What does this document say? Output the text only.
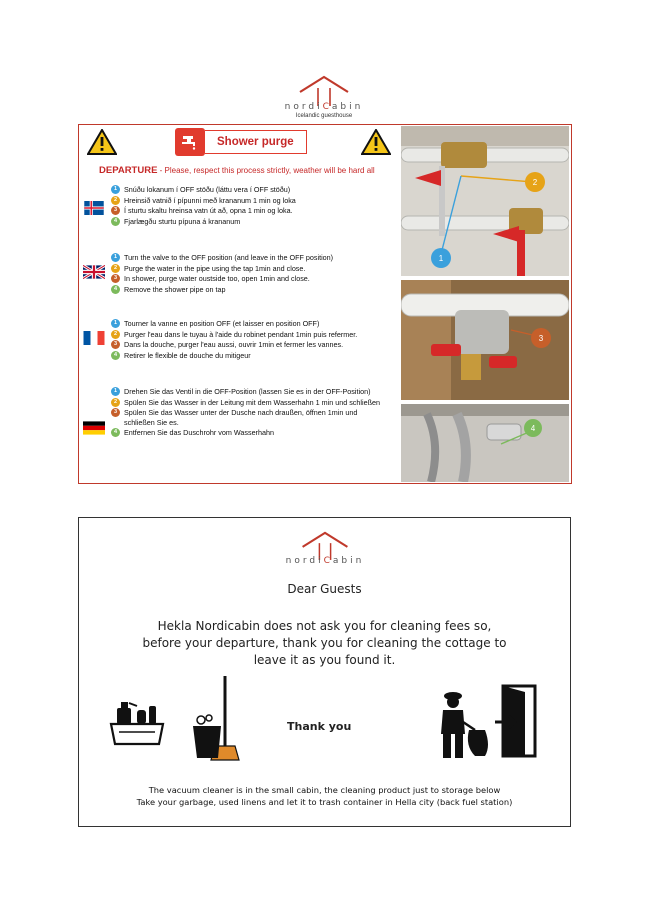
nordiCabin
Icelandic guesthouse
Shower purge
DEPARTURE - Please, respect this process strictly, weather will be hard all
1 Snúðu lokanum í OFF stöðu (láttu vera í OFF stöðu)
2 Hreinsið vatnið í pípunni með krananum 1 min og loka
3 Í sturtu skaltu hreinsa vatn út að, opna 1 min og loka.
4 Fjarlægðu sturtu pípuna á krananum
1 Turn the valve to the OFF position (and leave in the OFF position)
2 Purge the water in the pipe using the tap 1min and close.
3 In shower, purge water oustside too, open 1min and close.
4 Remove the shower pipe on tap
1 Tourner la vanne en position OFF (et laisser en position OFF)
2 Purger l'eau dans le tuyau à l'aide du robinet pendant 1min puis refermer.
3 Dans la douche, purger l'eau aussi, ouvrir 1min et fermer les vannes.
4 Retirer le flexible de douche du mitigeur
1 Drehen Sie das Ventil in die OFF-Position (lassen Sie es in der OFF-Position)
2 Spülen Sie das Wasser in der Leitung mit dem Wasserhahn 1 min und schließen
3 Spülen Sie das Wasser unter der Dusche nach draußen, öffnen 1min und schließen Sie es.
4 Entfernen Sie das Duschrohr vom Wasserhahn
2
1
3
4
nordiCabin
Dear Guests
Hekla Nordicabin does not ask you for cleaning fees so, before your departure, thank you for cleaning the cottage to leave it as you found it.
Thank you
The vacuum cleaner is in the small cabin, the cleaning product just to storage below
Take your garbage, used linens and let it to trash container in Hella city (back fuel station)
